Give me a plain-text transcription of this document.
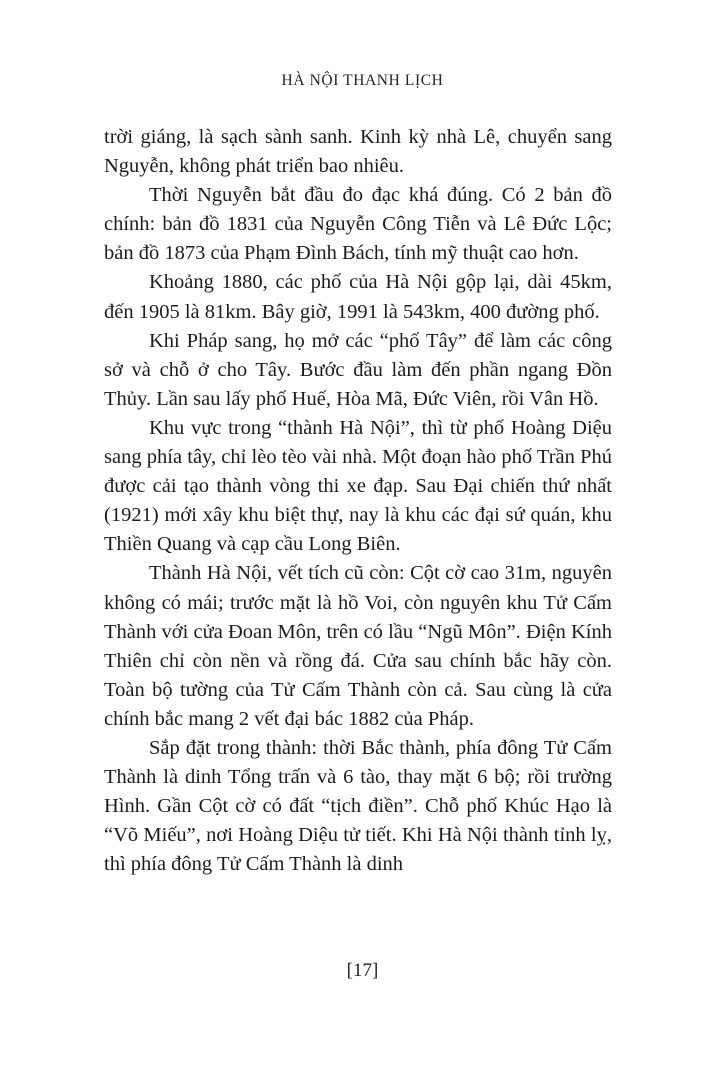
HÀ NỘI THANH LỊCH

trời giáng, là sạch sành sanh. Kinh kỳ nhà Lê, chuyển sang Nguyễn, không phát triển bao nhiêu.

Thời Nguyễn bắt đầu đo đạc khá đúng. Có 2 bản đồ chính: bản đồ 1831 của Nguyễn Công Tiễn và Lê Đức Lộc; bản đồ 1873 của Phạm Đình Bách, tính mỹ thuật cao hơn.

Khoảng 1880, các phố của Hà Nội gộp lại, dài 45km, đến 1905 là 81km. Bây giờ, 1991 là 543km, 400 đường phố.

Khi Pháp sang, họ mở các “phố Tây” để làm các công sở và chỗ ở cho Tây. Bước đầu làm đến phần ngang Đồn Thủy. Lần sau lấy phố Huế, Hòa Mã, Đức Viên, rồi Vân Hồ.

Khu vực trong “thành Hà Nội”, thì từ phố Hoàng Diệu sang phía tây, chỉ lèo tèo vài nhà. Một đoạn hào phố Trần Phú được cải tạo thành vòng thi xe đạp. Sau Đại chiến thứ nhất (1921) mới xây khu biệt thự, nay là khu các đại sứ quán, khu Thiền Quang và cạp cầu Long Biên.

Thành Hà Nội, vết tích cũ còn: Cột cờ cao 31m, nguyên không có mái; trước mặt là hồ Voi, còn nguyên khu Tử Cấm Thành với cửa Đoan Môn, trên có lầu “Ngũ Môn”. Điện Kính Thiên chỉ còn nền và rồng đá. Cửa sau chính bắc hãy còn. Toàn bộ tường của Tử Cấm Thành còn cả. Sau cùng là cửa chính bắc mang 2 vết đại bác 1882 của Pháp.

Sắp đặt trong thành: thời Bắc thành, phía đông Tử Cấm Thành là dinh Tổng trấn và 6 tào, thay mặt 6 bộ; rồi trường Hình. Gần Cột cờ có đất “tịch điền”. Chỗ phố Khúc Hạo là “Võ Miếu”, nơi Hoàng Diệu tử tiết. Khi Hà Nội thành tỉnh lỵ, thì phía đông Tử Cấm Thành là dinh

[17]
